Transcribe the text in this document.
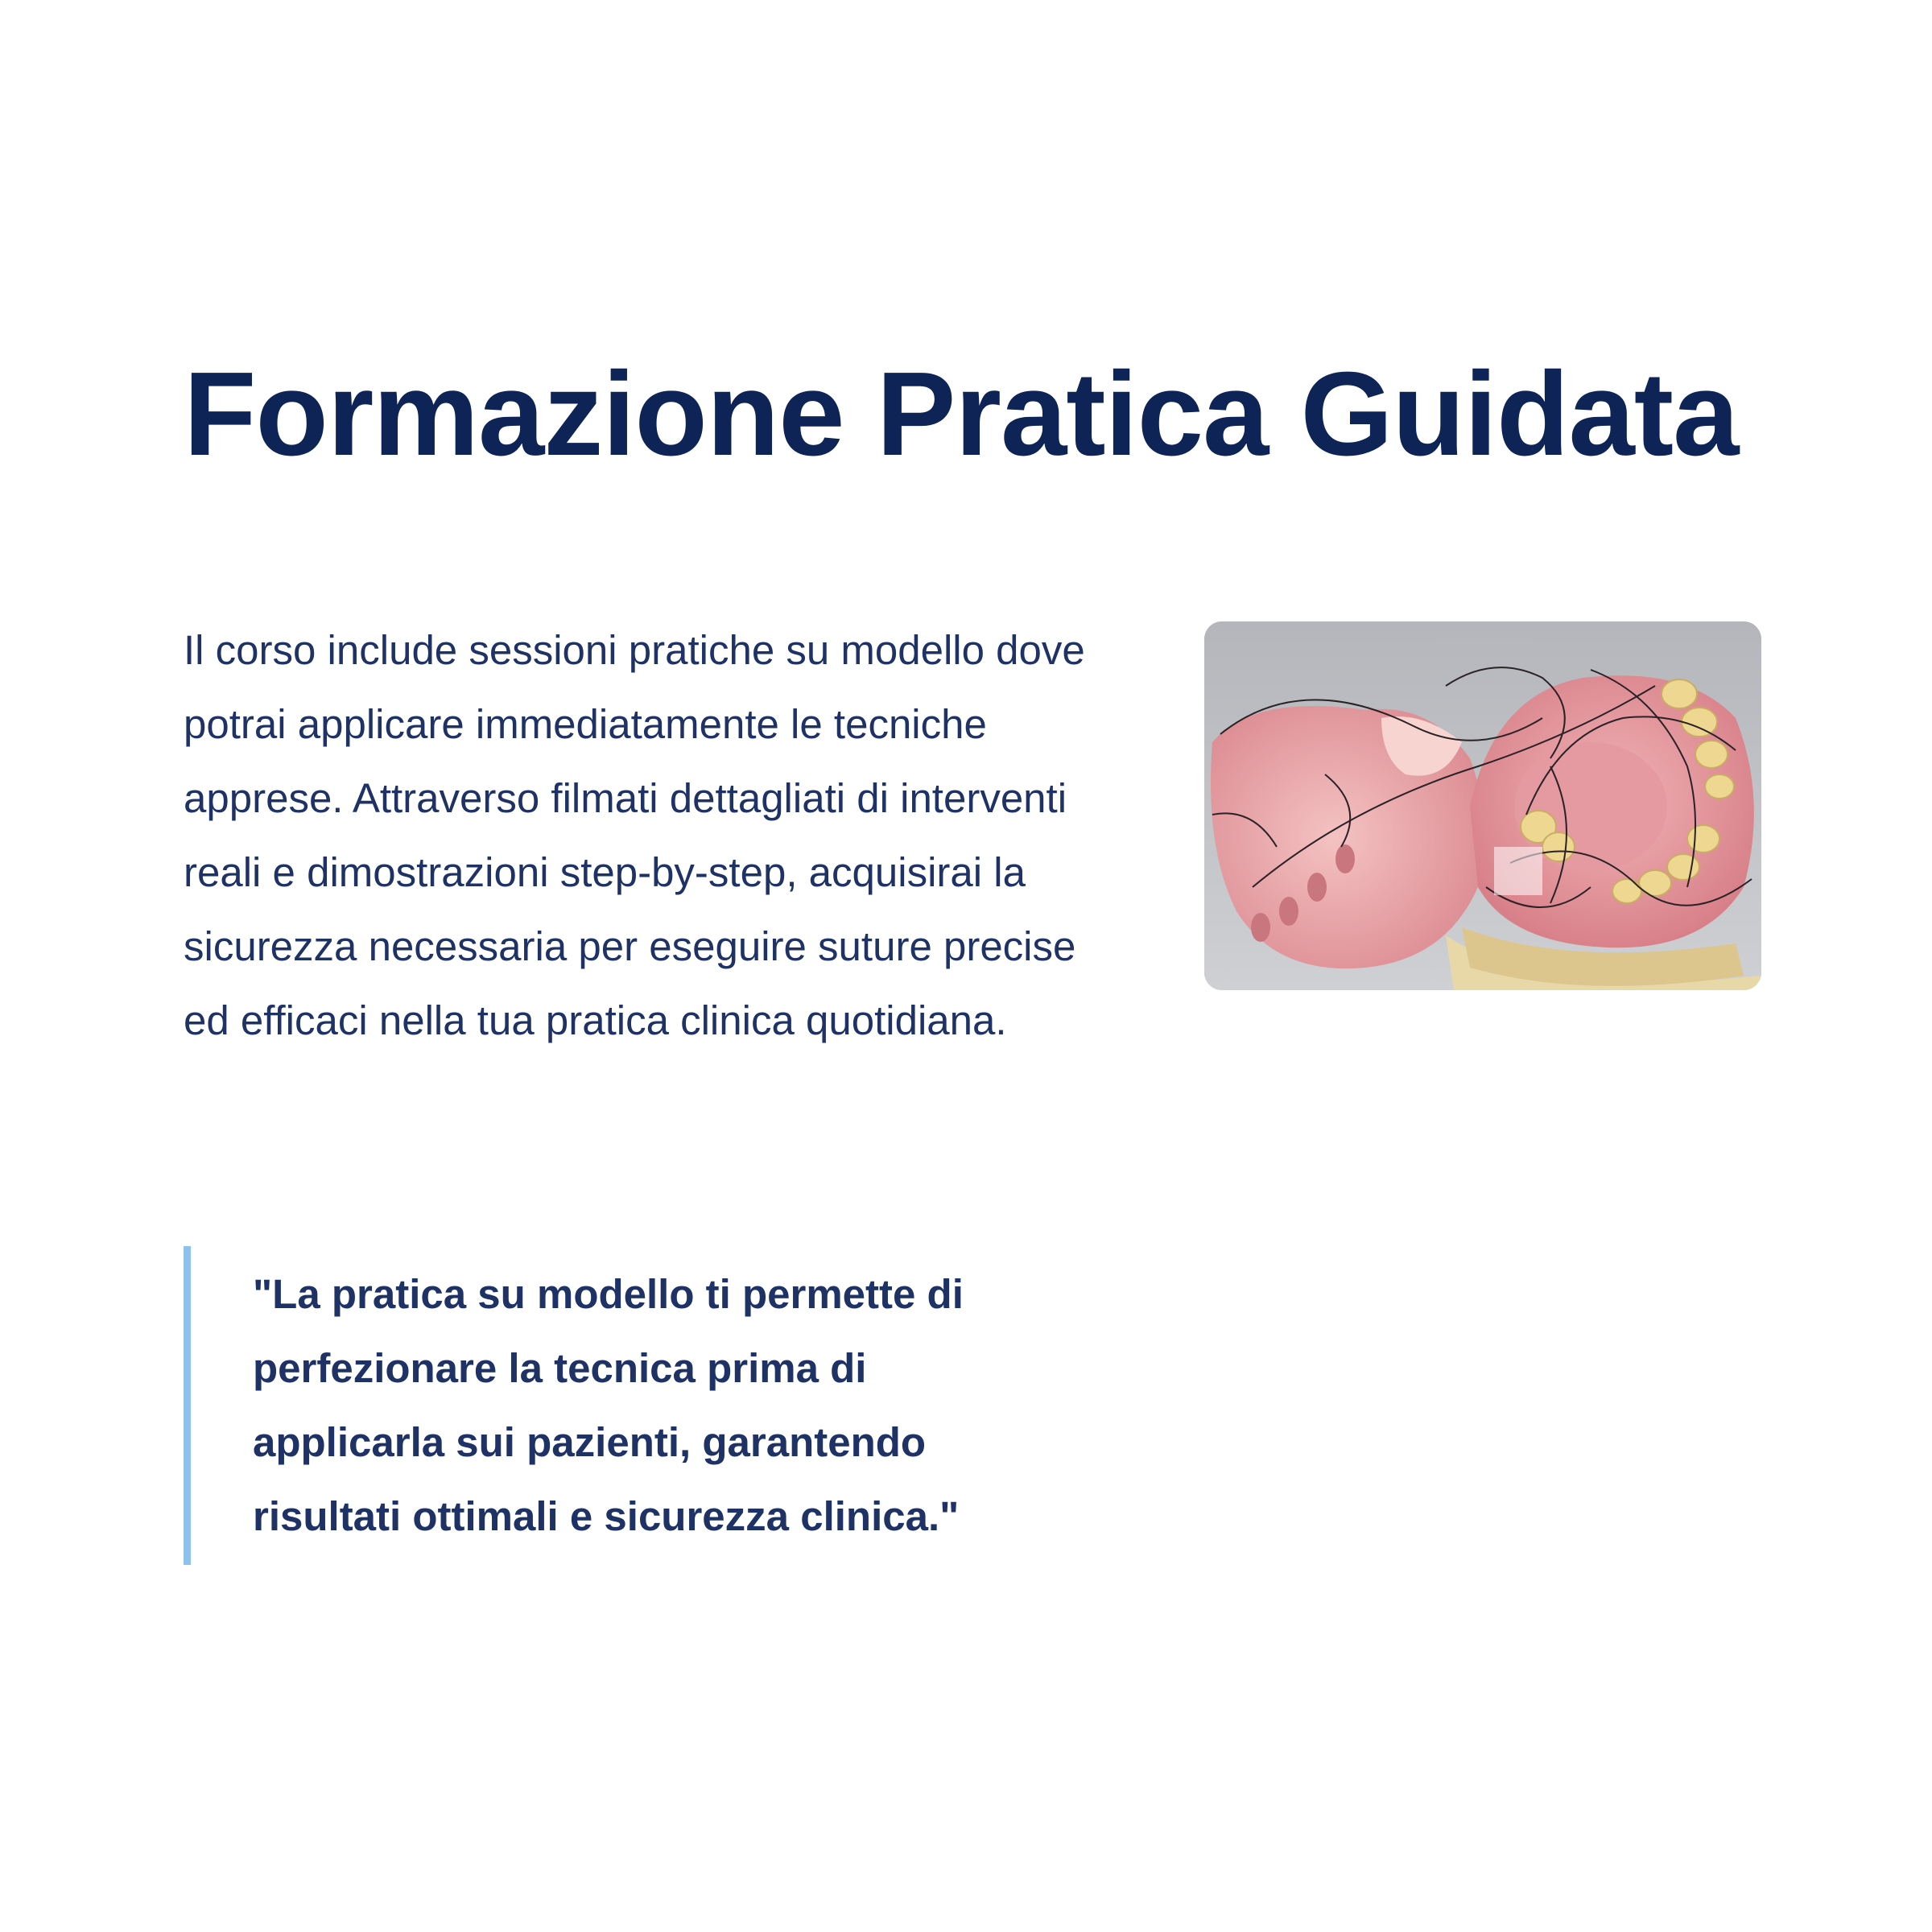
Formazione Pratica Guidata

Il corso include sessioni pratiche su modello dove potrai applicare immediatamente le tecniche apprese. Attraverso filmati dettagliati di interventi reali e dimostrazioni step-by-step, acquisirai la sicurezza necessaria per eseguire suture precise ed efficaci nella tua pratica clinica quotidiana.

"La pratica su modello ti permette di perfezionare la tecnica prima di applicarla sui pazienti, garantendo risultati ottimali e sicurezza clinica."
